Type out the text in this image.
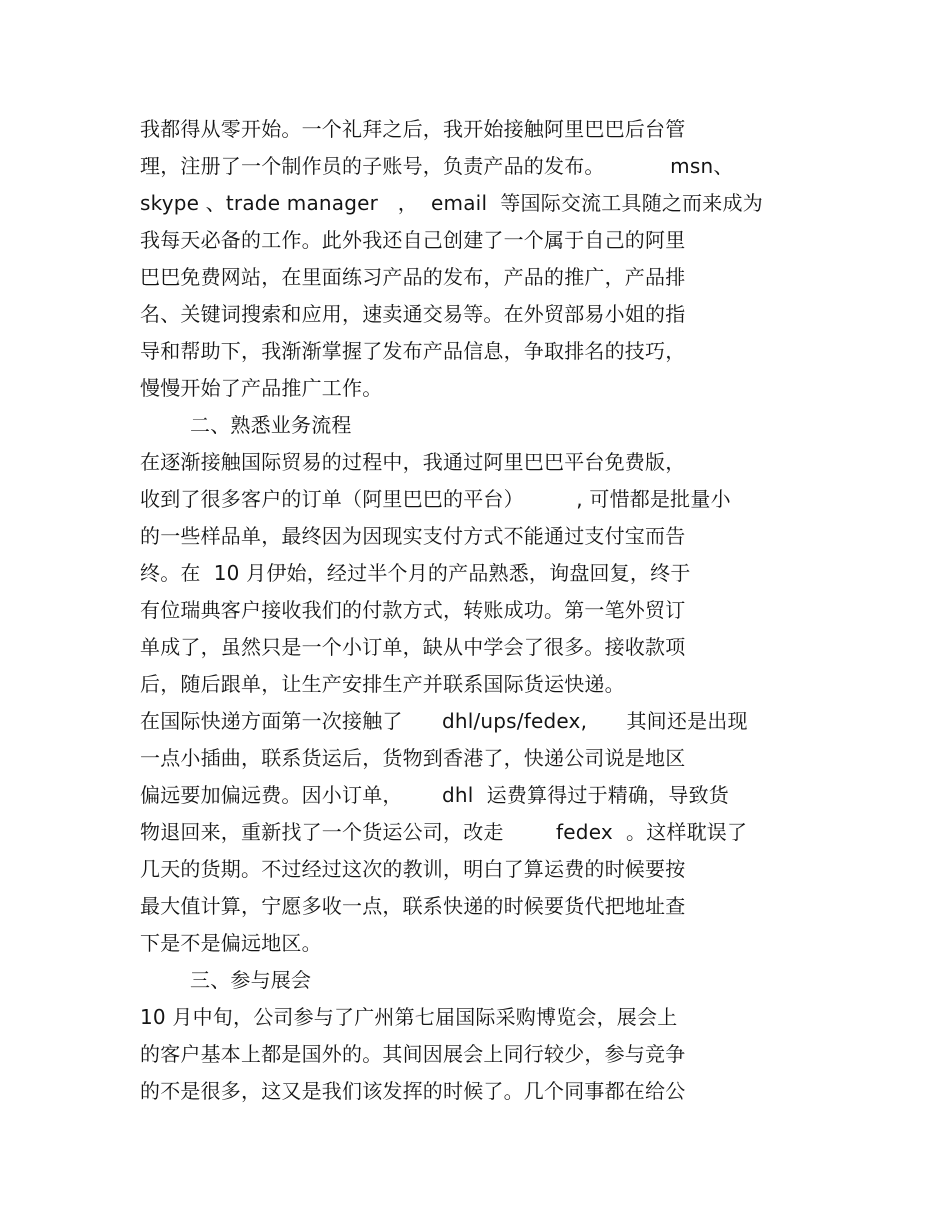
我都得从零开始。一个礼拜之后，我开始接触阿里巴巴后台管
理，注册了一个制作员的子账号，负责产品的发布。          msn、
skype 、trade manager   ，  email  等国际交流工具随之而来成为
我每天必备的工作。此外我还自己创建了一个属于自己的阿里
巴巴免费网站，在里面练习产品的发布，产品的推广，产品排
名、关键词搜索和应用，速卖通交易等。在外贸部易小姐的指
导和帮助下，我渐渐掌握了发布产品信息，争取排名的技巧，
慢慢开始了产品推广工作。
二、熟悉业务流程
在逐渐接触国际贸易的过程中，我通过阿里巴巴平台免费版，
收到了很多客户的订单（阿里巴巴的平台）        , 可惜都是批量小
的一些样品单，最终因为因现实支付方式不能通过支付宝而告
终。在  10 月伊始，经过半个月的产品熟悉，询盘回复，终于
有位瑞典客户接收我们的付款方式，转账成功。第一笔外贸订
单成了，虽然只是一个小订单，缺从中学会了很多。接收款项
后，随后跟单，让生产安排生产并联系国际货运快递。
在国际快递方面第一次接触了      dhl/ups/fedex,      其间还是出现
一点小插曲，联系货运后，货物到香港了，快递公司说是地区
偏远要加偏远费。因小订单，      dhl  运费算得过于精确，导致货
物退回来，重新找了一个货运公司，改走        fedex  。这样耽误了
几天的货期。不过经过这次的教训，明白了算运费的时候要按
最大值计算，宁愿多收一点，联系快递的时候要货代把地址查
下是不是偏远地区。
三、参与展会
10 月中旬，公司参与了广州第七届国际采购博览会，展会上
的客户基本上都是国外的。其间因展会上同行较少，参与竞争
的不是很多，这又是我们该发挥的时候了。几个同事都在给公
